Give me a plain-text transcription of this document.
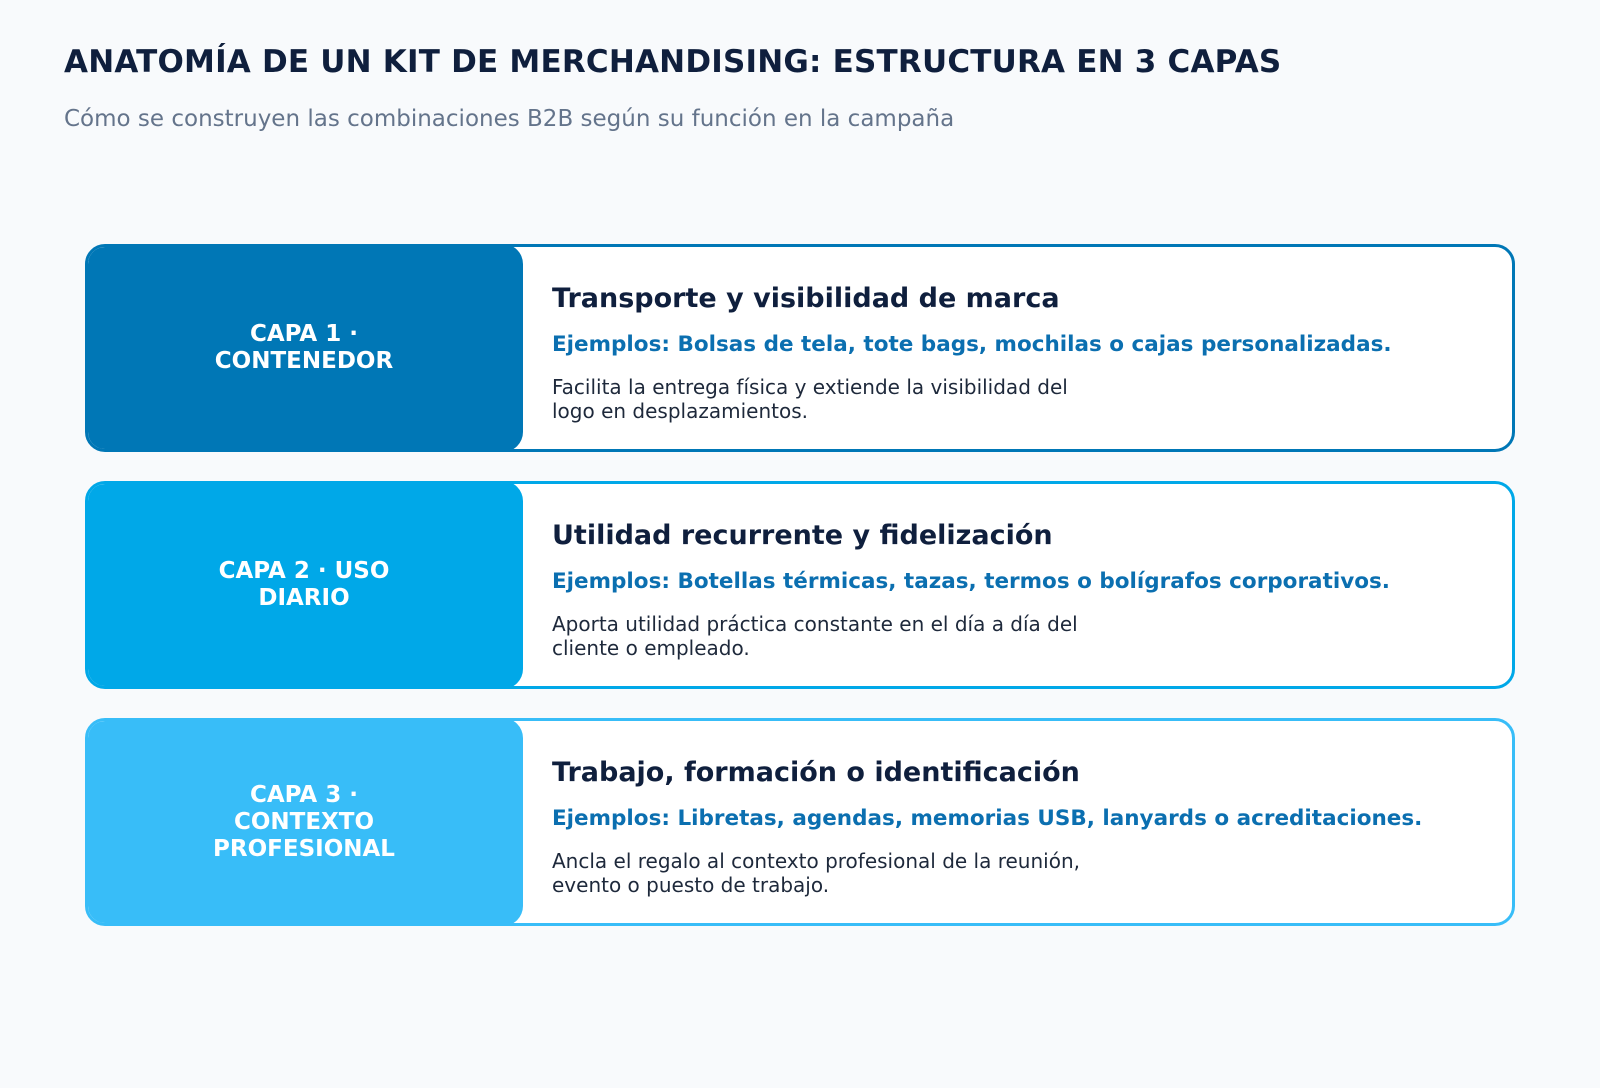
ANATOMÍA DE UN KIT DE MERCHANDISING: ESTRUCTURA EN 3 CAPAS

Cómo se construyen las combinaciones B2B según su función en la campaña

CAPA 1 · CONTENEDOR
Transporte y visibilidad de marca

Ejemplos: Bolsas de tela, tote bags, mochilas o cajas personalizadas.

Facilita la entrega física y extiende la visibilidad del logo en desplazamientos.

CAPA 2 · USO DIARIO
Utilidad recurrente y fidelización

Ejemplos: Botellas térmicas, tazas, termos o bolígrafos corporativos.

Aporta utilidad práctica constante en el día a día del cliente o empleado.

CAPA 3 · CONTEXTO PROFESIONAL
Trabajo, formación o identificación

Ejemplos: Libretas, agendas, memorias USB, lanyards o acreditaciones.

Ancla el regalo al contexto profesional de la reunión, evento o puesto de trabajo.
